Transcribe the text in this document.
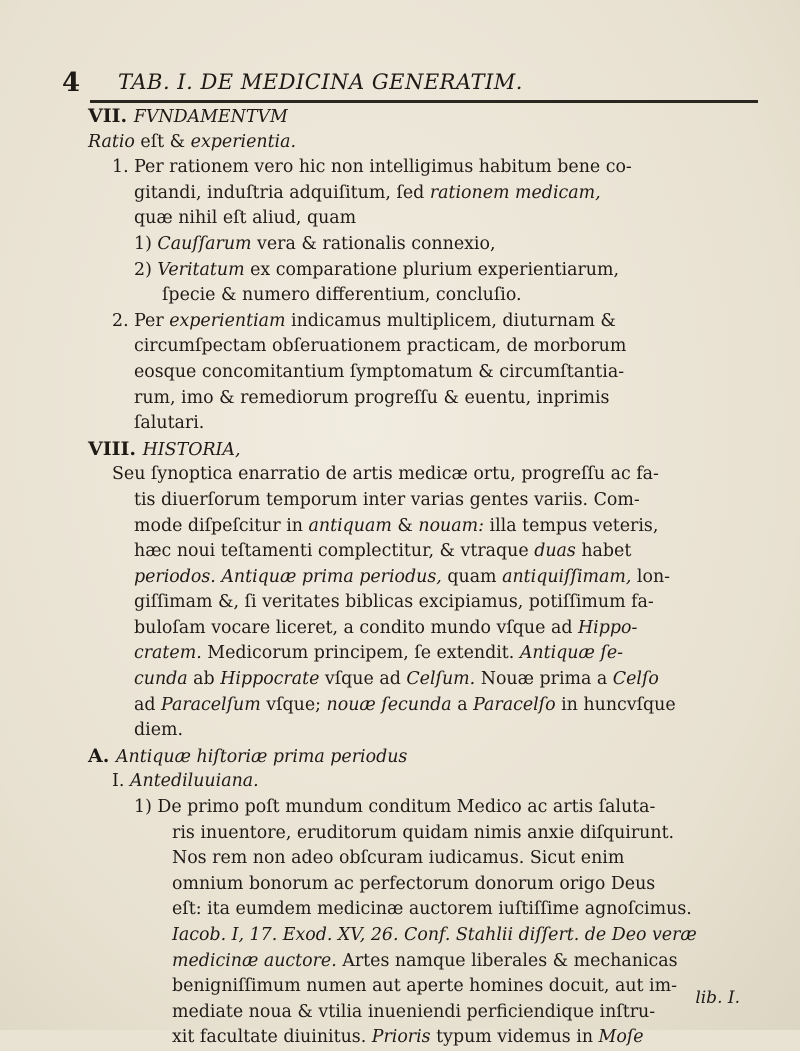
4 TAB. I. DE MEDICINA GENERATIM.
VII. FVNDAMENTVM
Ratio eſt & experientia.
1. Per rationem vero hic non intelligimus habitum bene co-
gitandi, induſtria adquiſitum, ſed rationem medicam,
quæ nihil eſt aliud, quam
1) Cauſſarum vera & rationalis connexio,
2) Veritatum ex comparatione plurium experientiarum,
ſpecie & numero differentium, concluſio.
2. Per experientiam indicamus multiplicem, diuturnam &
circumſpectam obſeruationem practicam, de morborum
eosque concomitantium ſymptomatum & circumſtantia-
rum, imo & remediorum progreſſu & euentu, inprimis
ſalutari.
VIII. HISTORIA,
Seu ſynoptica enarratio de artis medicæ ortu, progreſſu ac fa-
tis diuerſorum temporum inter varias gentes variis. Com-
mode diſpeſcitur in antiquam & nouam: illa tempus veteris,
hæc noui teſtamenti complectitur, & vtraque duas habet
periodos. Antiquæ prima periodus, quam antiquiſſimam, lon-
giſſimam &, ſi veritates biblicas excipiamus, potiſſimum fa-
buloſam vocare liceret, a condito mundo vſque ad Hippo-
cratem. Medicorum principem, ſe extendit. Antiquæ ſe-
cunda ab Hippocrate vſque ad Celſum. Nouæ prima a Celſo
ad Paracelſum vſque; nouæ ſecunda a Paracelſo in huncvſque
diem.
A. Antiquæ hiſtoriæ prima periodus
I. Antediluuiana.
1) De primo poſt mundum conditum Medico ac artis ſaluta-
ris inuentore, eruditorum quidam nimis anxie diſquirunt.
Nos rem non adeo obſcuram iudicamus. Sicut enim
omnium bonorum ac perfectorum donorum origo Deus
eſt: ita eumdem medicinæ auctorem iuſtiſſime agnoſcimus.
Iacob. I, 17. Exod. XV, 26. Conf. Stahlii diſſert. de Deo veræ
medicinæ auctore. Artes namque liberales & mechanicas
benigniſſimum numen aut aperte homines docuit, aut im-
mediate noua & vtilia inueniendi perficiendique inſtru-
xit facultate diuinitus. Prioris typum videmus in Moſe
lib. I.
